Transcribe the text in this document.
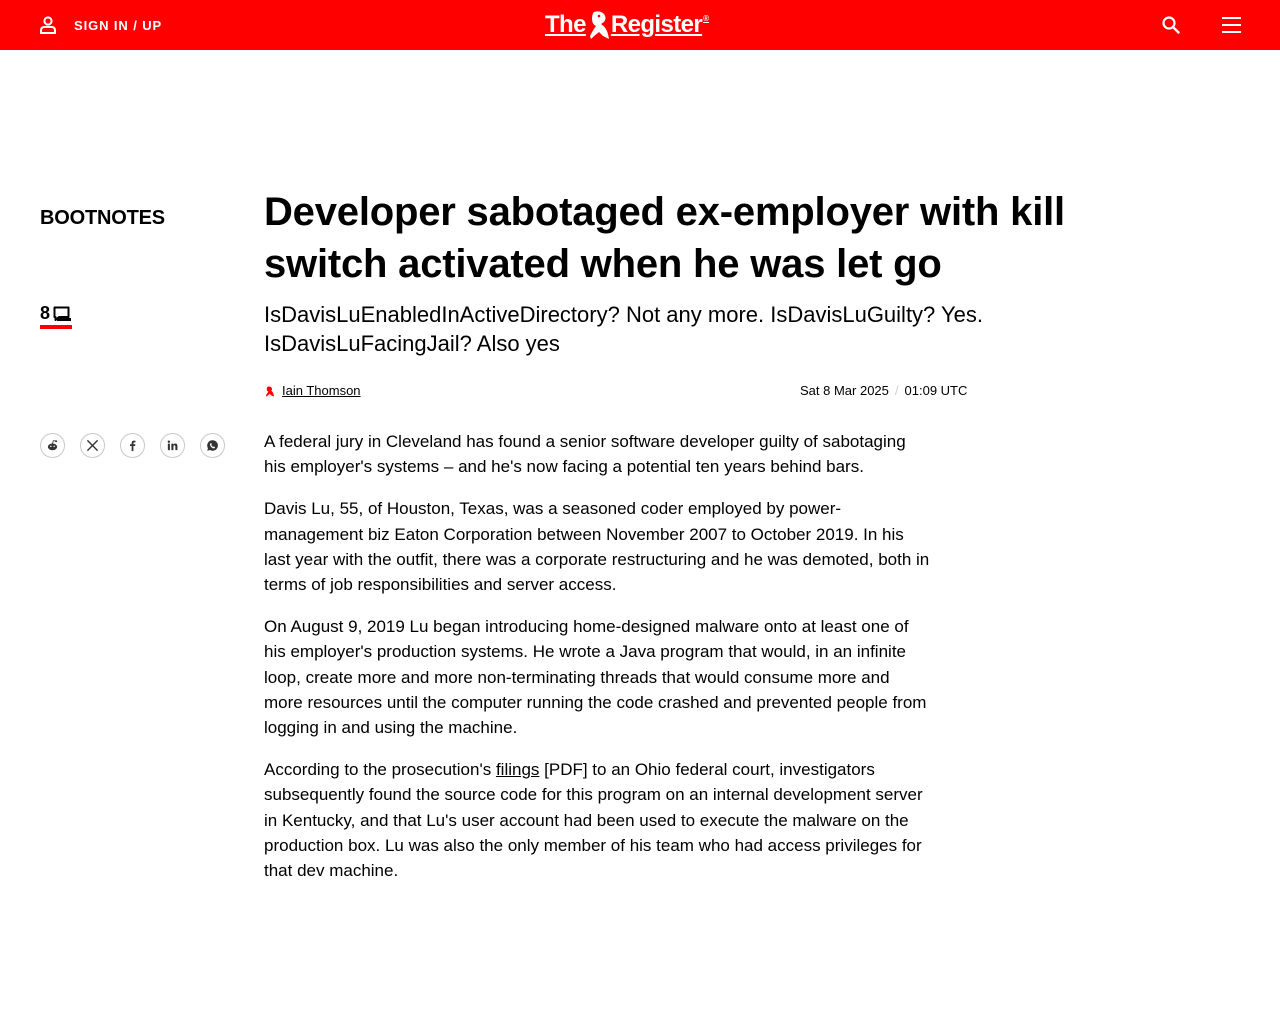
SIGN IN / UP	The Register ®
BOOTNOTES
8
Developer sabotaged ex-employer with kill switch activated when he was let go
IsDavisLuEnabledInActiveDirectory? Not any more. IsDavisLuGuilty? Yes. IsDavisLuFacingJail? Also yes
Iain Thomson	Sat 8 Mar 2025 / 01:09 UTC

A federal jury in Cleveland has found a senior software developer guilty of sabotaging his employer's systems – and he's now facing a potential ten years behind bars.

Davis Lu, 55, of Houston, Texas, was a seasoned coder employed by power-management biz Eaton Corporation between November 2007 to October 2019. In his last year with the outfit, there was a corporate restructuring and he was demoted, both in terms of job responsibilities and server access.

On August 9, 2019 Lu began introducing home-designed malware onto at least one of his employer's production systems. He wrote a Java program that would, in an infinite loop, create more and more non-terminating threads that would consume more and more resources until the computer running the code crashed and prevented people from logging in and using the machine.

According to the prosecution's filings [PDF] to an Ohio federal court, investigators subsequently found the source code for this program on an internal development server in Kentucky, and that Lu's user account had been used to execute the malware on the production box. Lu was also the only member of his team who had access privileges for that dev machine.
